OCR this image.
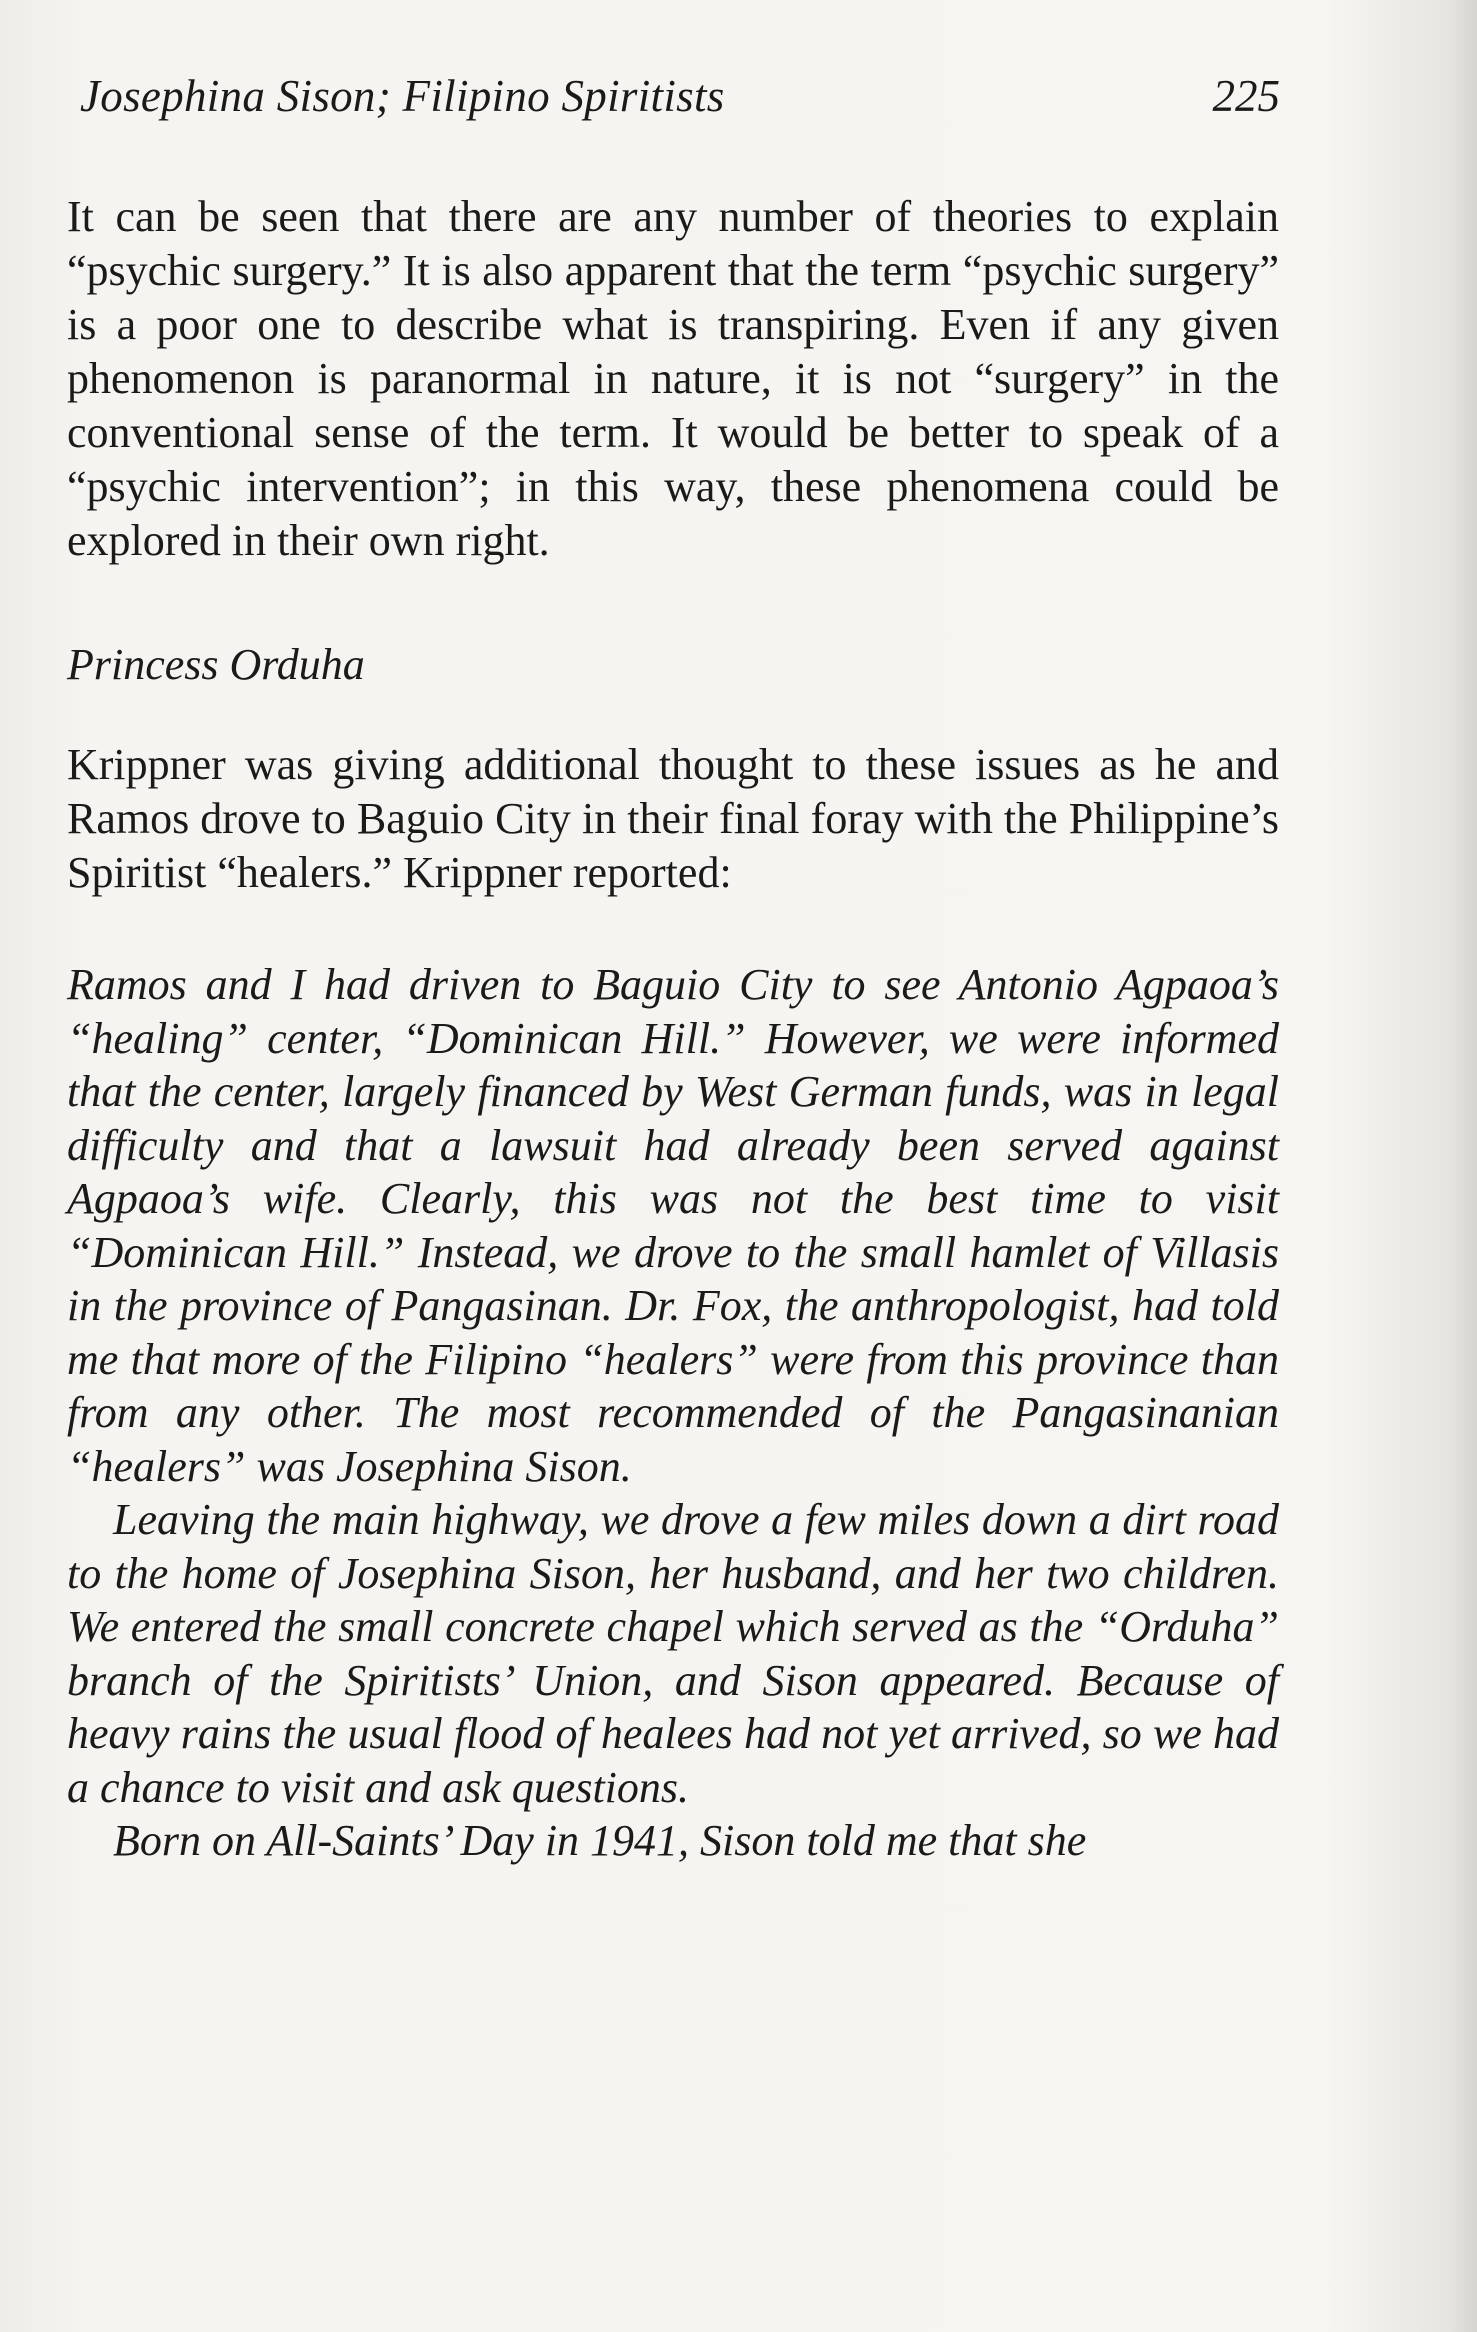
Josephina Sison; Filipino Spiritists	225

It can be seen that there are any number of theories to explain “psychic surgery.” It is also apparent that the term “psychic surgery” is a poor one to describe what is transpiring. Even if any given phenomenon is paranormal in nature, it is not “surgery” in the conventional sense of the term. It would be better to speak of a “psychic intervention”; in this way, these phenomena could be explored in their own right.

Princess Orduha

Krippner was giving additional thought to these issues as he and Ramos drove to Baguio City in their final foray with the Philippine’s Spiritist “healers.” Krippner reported:

Ramos and I had driven to Baguio City to see Antonio Agpaoa’s “healing” center, “Dominican Hill.” However, we were informed that the center, largely financed by West German funds, was in legal difficulty and that a lawsuit had already been served against Agpaoa’s wife. Clearly, this was not the best time to visit “Dominican Hill.” Instead, we drove to the small hamlet of Villasis in the province of Pangasinan. Dr. Fox, the anthropologist, had told me that more of the Filipino “healers” were from this province than from any other. The most recommended of the Pangasinanian “healers” was Josephina Sison.

Leaving the main highway, we drove a few miles down a dirt road to the home of Josephina Sison, her husband, and her two children. We entered the small concrete chapel which served as the “Orduha” branch of the Spiritists’ Union, and Sison appeared. Because of heavy rains the usual flood of healees had not yet arrived, so we had a chance to visit and ask questions.

Born on All-Saints’ Day in 1941, Sison told me that she
